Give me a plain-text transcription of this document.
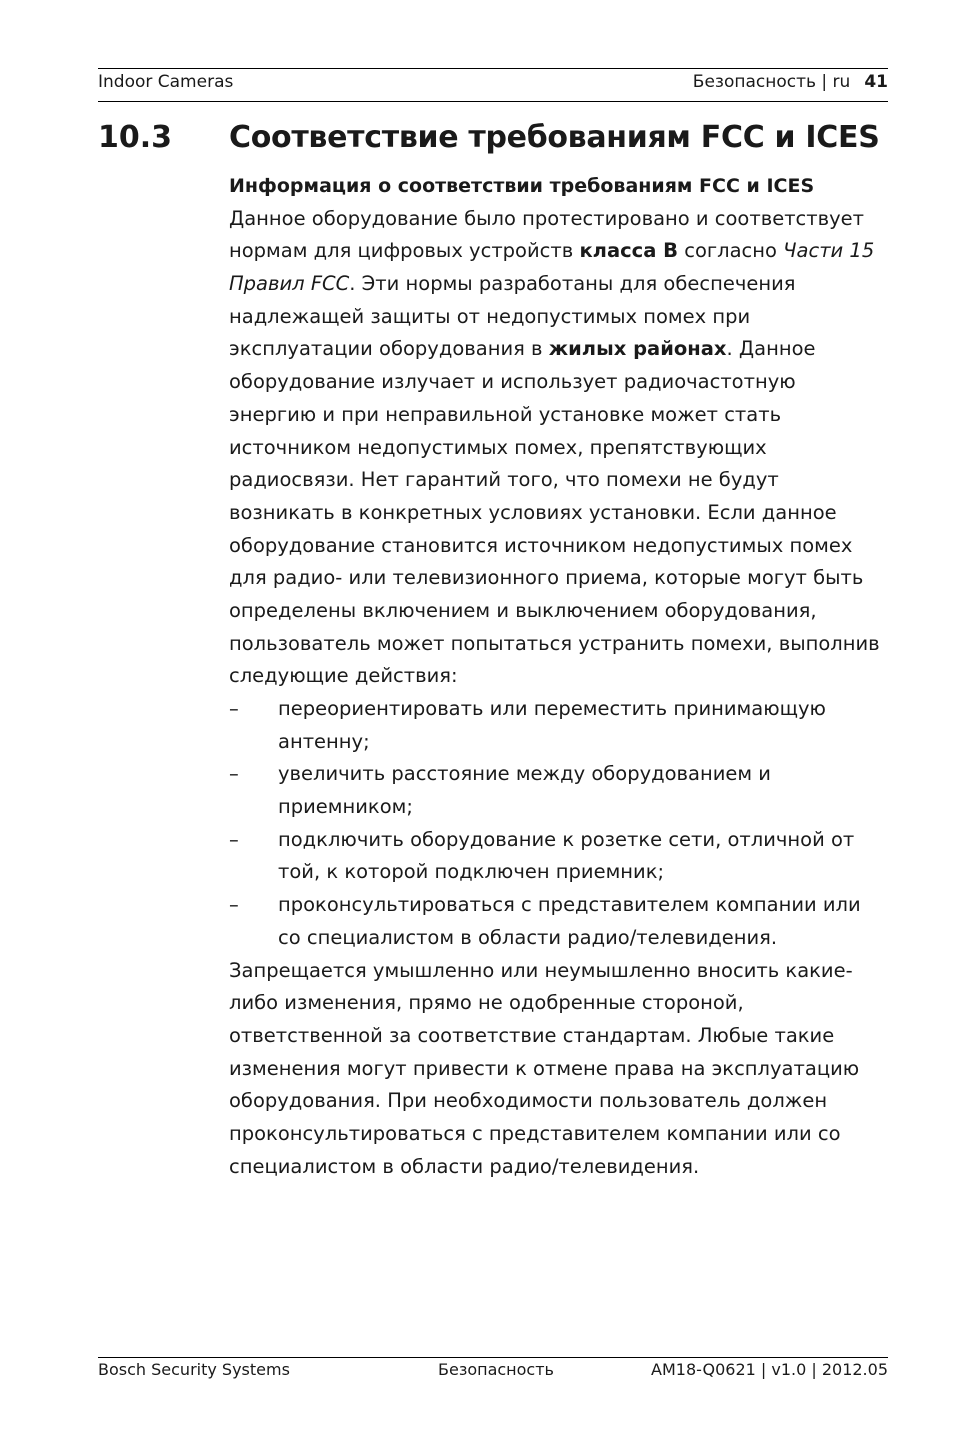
Indoor Cameras	Безопасность | ru 41
10.3 Соответствие требованиям FCC и ICES
Информация о соответствии требованиям FCC и ICES
Данное оборудование было протестировано и соответствует
нормам для цифровых устройств класса B согласно Части 15
Правил FCC. Эти нормы разработаны для обеспечения
надлежащей защиты от недопустимых помех при
эксплуатации оборудования в жилых районах. Данное
оборудование излучает и использует радиочастотную
энергию и при неправильной установке может стать
источником недопустимых помех, препятствующих
радиосвязи. Нет гарантий того, что помехи не будут
возникать в конкретных условиях установки. Если данное
оборудование становится источником недопустимых помех
для радио- или телевизионного приема, которые могут быть
определены включением и выключением оборудования,
пользователь может попытаться устранить помехи, выполнив
следующие действия:
– переориентировать или переместить принимающую
антенну;
– увеличить расстояние между оборудованием и
приемником;
– подключить оборудование к розетке сети, отличной от
той, к которой подключен приемник;
– проконсультироваться с представителем компании или
со специалистом в области радио/телевидения.
Запрещается умышленно или неумышленно вносить какие-
либо изменения, прямо не одобренные стороной,
ответственной за соответствие стандартам. Любые такие
изменения могут привести к отмене права на эксплуатацию
оборудования. При необходимости пользователь должен
проконсультироваться с представителем компании или со
специалистом в области радио/телевидения.
Bosch Security Systems	Безопасность	AM18-Q0621 | v1.0 | 2012.05
